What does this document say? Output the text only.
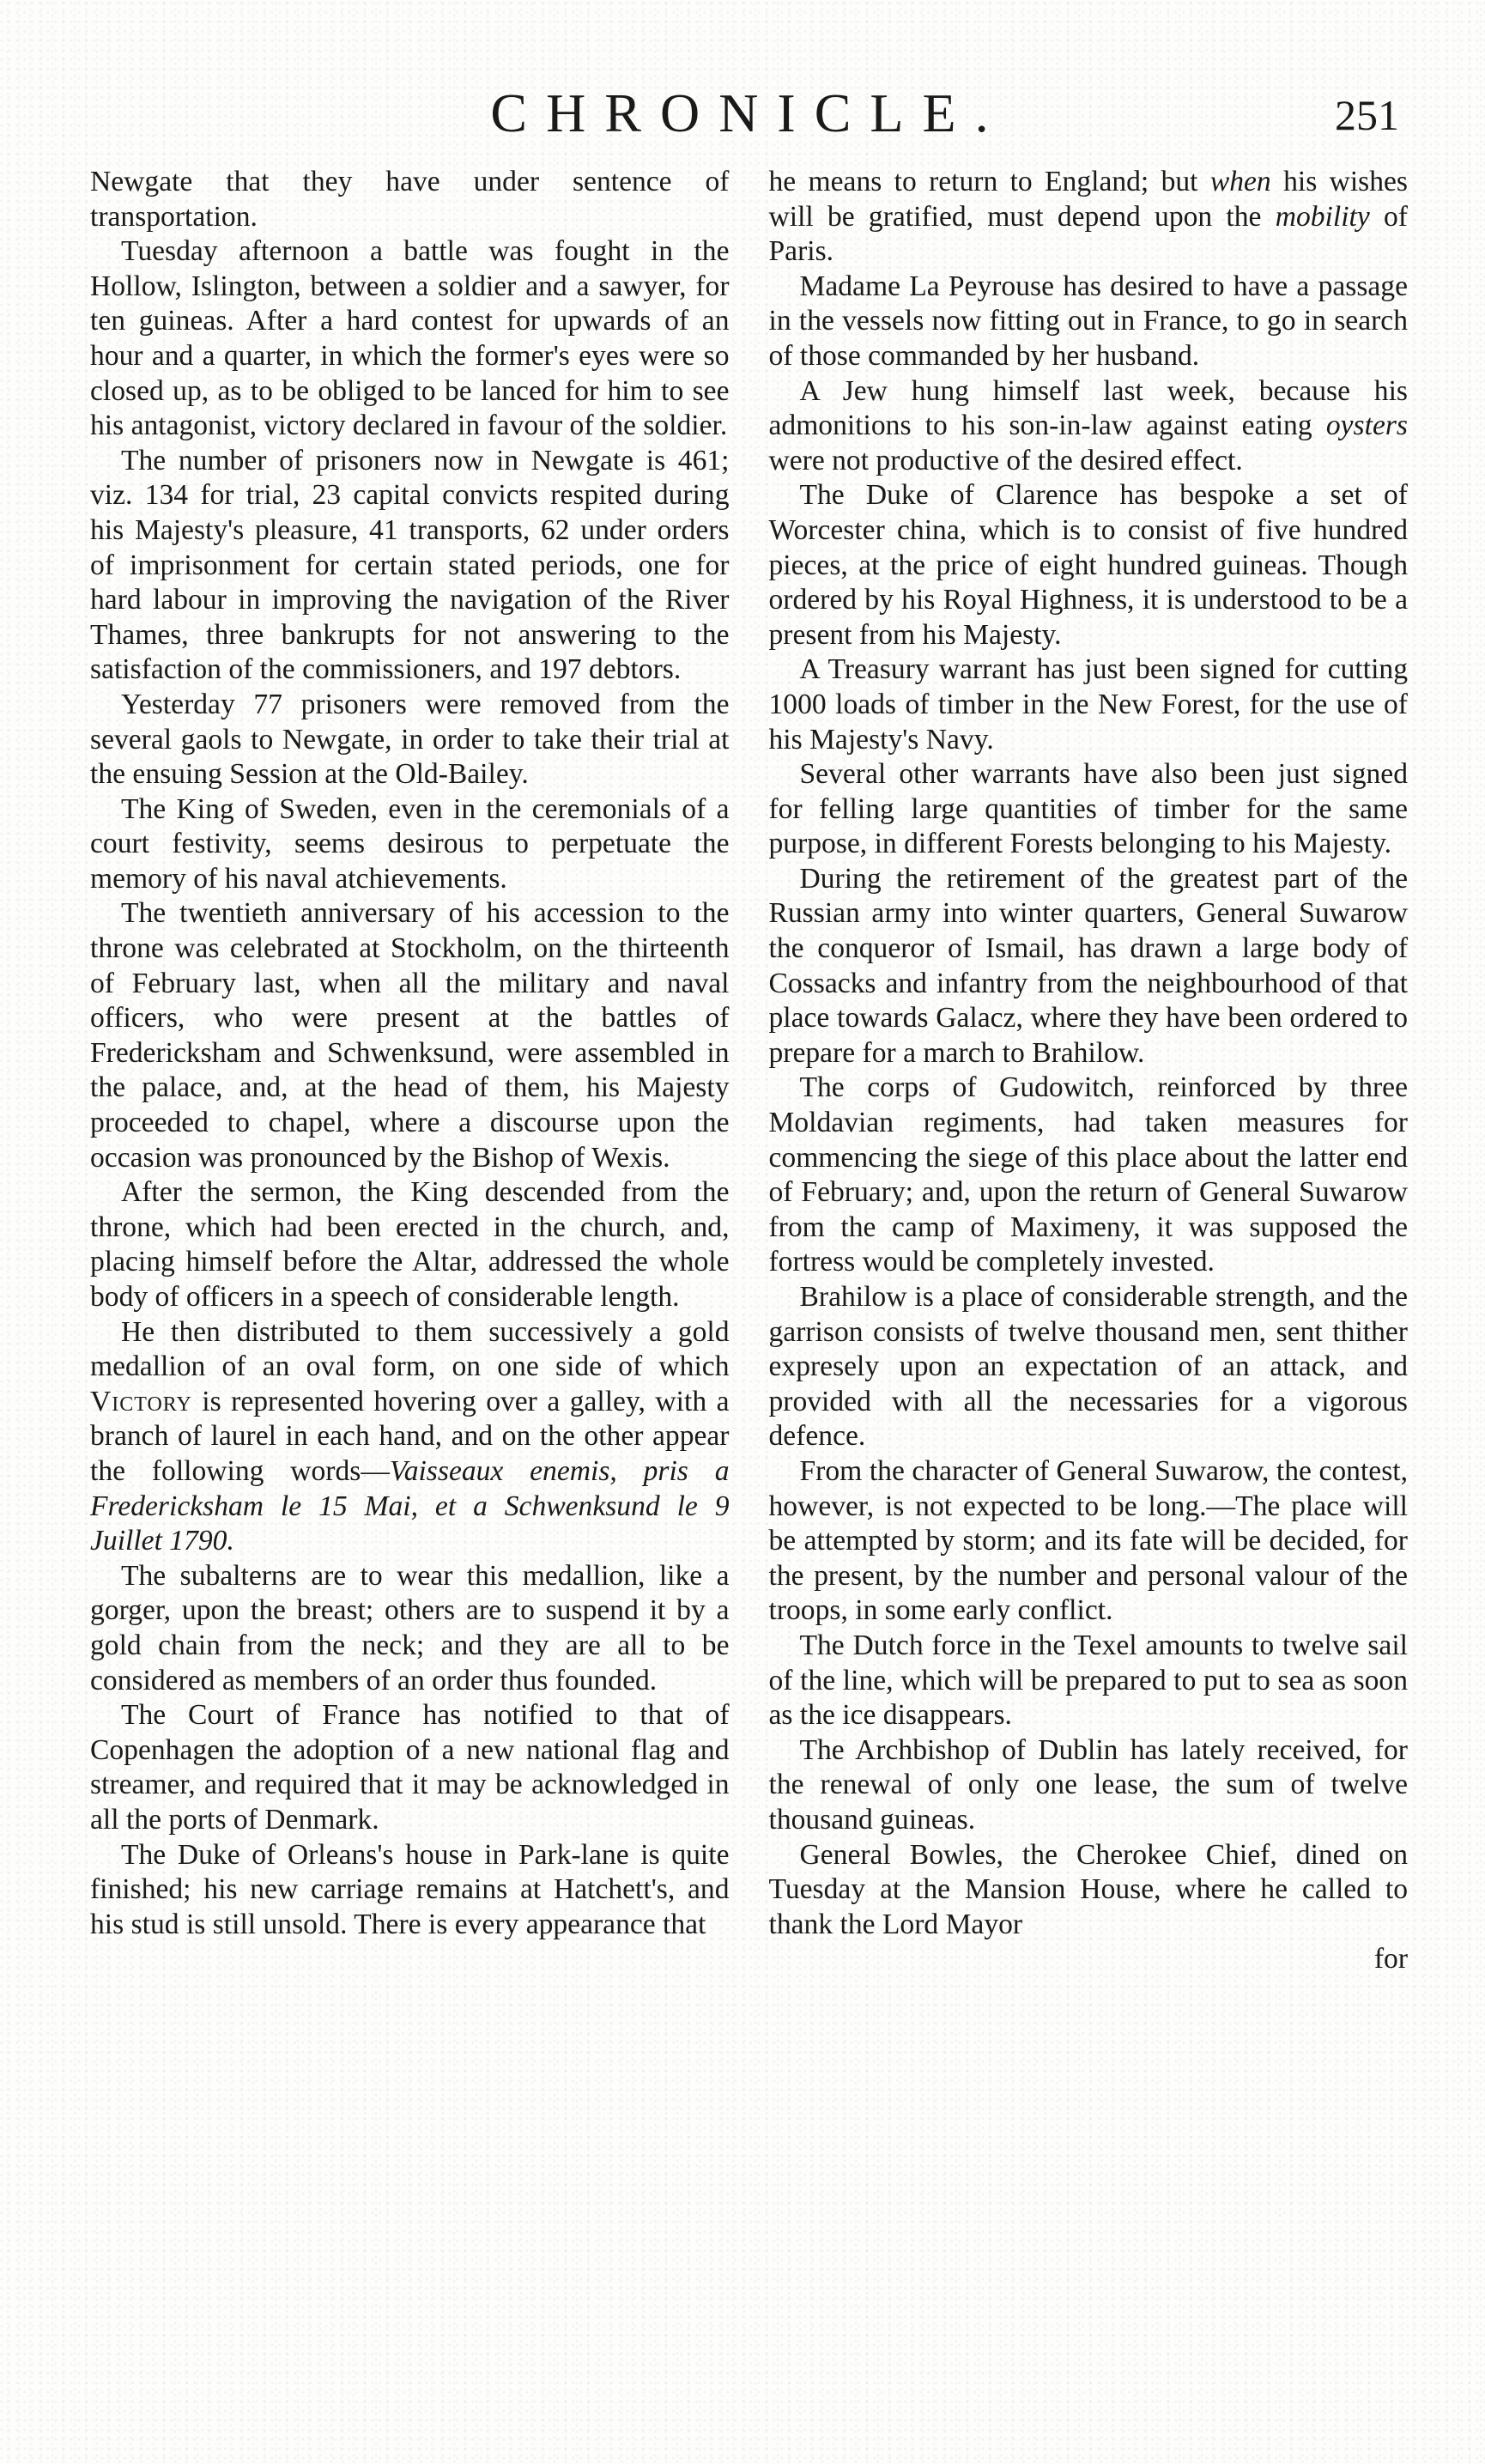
CHRONICLE.	251

Newgate that they have under sentence of transportation.

Tuesday afternoon a battle was fought in the Hollow, Islington, between a soldier and a sawyer, for ten guineas. After a hard contest for upwards of an hour and a quarter, in which the former's eyes were so closed up, as to be obliged to be lanced for him to see his antagonist, victory declared in favour of the soldier.

The number of prisoners now in Newgate is 461; viz. 134 for trial, 23 capital convicts respited during his Majesty's pleasure, 41 transports, 62 under orders of imprisonment for certain stated periods, one for hard labour in improving the navigation of the River Thames, three bankrupts for not answering to the satisfaction of the commissioners, and 197 debtors.

Yesterday 77 prisoners were removed from the several gaols to Newgate, in order to take their trial at the ensuing Session at the Old-Bailey.

The King of Sweden, even in the ceremonials of a court festivity, seems desirous to perpetuate the memory of his naval atchievements.

The twentieth anniversary of his accession to the throne was celebrated at Stockholm, on the thirteenth of February last, when all the military and naval officers, who were present at the battles of Fredericksham and Schwenksund, were assembled in the palace, and, at the head of them, his Majesty proceeded to chapel, where a discourse upon the occasion was pronounced by the Bishop of Wexis.

After the sermon, the King descended from the throne, which had been erected in the church, and, placing himself before the Altar, addressed the whole body of officers in a speech of considerable length.

He then distributed to them successively a gold medallion of an oval form, on one side of which Victory is represented hovering over a galley, with a branch of laurel in each hand, and on the other appear the following words—Vaisseaux enemis, pris a Fredericksham le 15 Mai, et a Schwenksund le 9 Juillet 1790.

The subalterns are to wear this medallion, like a gorger, upon the breast; others are to suspend it by a gold chain from the neck; and they are all to be considered as members of an order thus founded.

The Court of France has notified to that of Copenhagen the adoption of a new national flag and streamer, and required that it may be acknowledged in all the ports of Denmark.

The Duke of Orleans's house in Park-lane is quite finished; his new carriage remains at Hatchett's, and his stud is still unsold. There is every appearance that

he means to return to England; but when his wishes will be gratified, must depend upon the mobility of Paris.

Madame La Peyrouse has desired to have a passage in the vessels now fitting out in France, to go in search of those commanded by her husband.

A Jew hung himself last week, because his admonitions to his son-in-law against eating oysters were not productive of the desired effect.

The Duke of Clarence has bespoke a set of Worcester china, which is to consist of five hundred pieces, at the price of eight hundred guineas. Though ordered by his Royal Highness, it is understood to be a present from his Majesty.

A Treasury warrant has just been signed for cutting 1000 loads of timber in the New Forest, for the use of his Majesty's Navy.

Several other warrants have also been just signed for felling large quantities of timber for the same purpose, in different Forests belonging to his Majesty.

During the retirement of the greatest part of the Russian army into winter quarters, General Suwarow the conqueror of Ismail, has drawn a large body of Cossacks and infantry from the neighbourhood of that place towards Galacz, where they have been ordered to prepare for a march to Brahilow.

The corps of Gudowitch, reinforced by three Moldavian regiments, had taken measures for commencing the siege of this place about the latter end of February; and, upon the return of General Suwarow from the camp of Maximeny, it was supposed the fortress would be completely invested.

Brahilow is a place of considerable strength, and the garrison consists of twelve thousand men, sent thither expresely upon an expectation of an attack, and provided with all the necessaries for a vigorous defence.

From the character of General Suwarow, the contest, however, is not expected to be long.—The place will be attempted by storm; and its fate will be decided, for the present, by the number and personal valour of the troops, in some early conflict.

The Dutch force in the Texel amounts to twelve sail of the line, which will be prepared to put to sea as soon as the ice disappears.

The Archbishop of Dublin has lately received, for the renewal of only one lease, the sum of twelve thousand guineas.

General Bowles, the Cherokee Chief, dined on Tuesday at the Mansion House, where he called to thank the Lord Mayor

for
